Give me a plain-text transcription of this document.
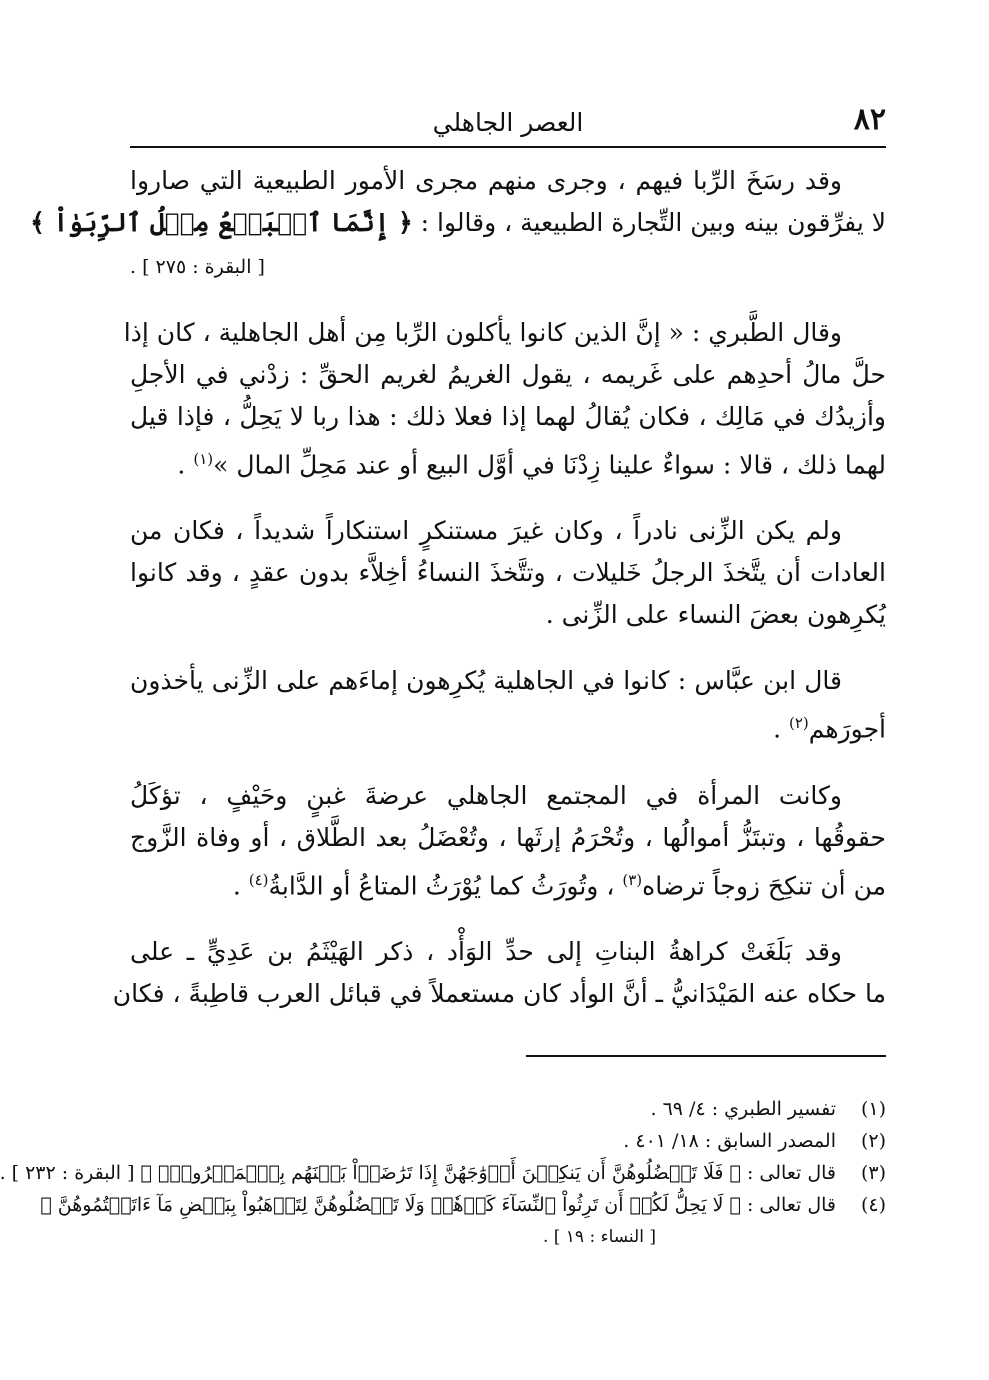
٨٢
العصر الجاهلي
وقد رسَخَ الرِّبا فيهم ، وجرى منهم مجرى الأمور الطبيعية التي صاروا
لا يفرِّقون بينه وبين التِّجارة الطبيعية ، وقالوا : ﴿ إِنَّمَا ٱلۡبَيۡعُ مِثۡلُ ٱلرِّبَوٰاْ ﴾
[ البقرة : ٢٧٥ ] .
وقال الطَّبري : « إنَّ الذين كانوا يأكلون الرِّبا مِن أهل الجاهلية ، كان إذا
حلَّ مالُ أحدِهم على غَريمه ، يقول الغريمُ لغريم الحقِّ : زدْني في الأجلِ
وأزيدُك في مَالِك ، فكان يُقالُ لهما إذا فعلا ذلك : هذا ربا لا يَحِلُّ ، فإذا قيل
لهما ذلك ، قالا : سواءٌ علينا زِدْنَا في أوَّل البيع أو عند مَحِلِّ المال »$^{(١)}$ .
ولم يكن الزِّنى نادراً ، وكان غيرَ مستنكرٍ استنكاراً شديداً ، فكان من
العادات أن يتَّخذَ الرجلُ خَليلات ، وتتَّخذَ النساءُ أخِلاَّء بدون عقدٍ ، وقد كانوا
يُكرِهون بعضَ النساء على الزِّنى .
قال ابن عبَّاس : كانوا في الجاهلية يُكرِهون إماءَهم على الزِّنى يأخذون
أجورَهم$^{(٢)}$ .
وكانت المرأة في المجتمع الجاهلي عرضةَ غبنٍ وحَيْفٍ ، تؤكَلُ
حقوقُها ، وتبتَزُّ أموالُها ، وتُحْرَمُ إرثَها ، وتُعْضَلُ بعد الطَّلاق ، أو وفاة الزَّوج
من أن تنكِحَ زوجاً ترضاه$^{(٣)}$ ، وتُورَثُ كما يُوْرَثُ المتاعُ أو الدَّابةُ$^{(٤)}$ .
وقد بَلَغَتْ كراهةُ البناتِ إلى حدِّ الوَأْد ، ذكر الهَيْثَمُ بن عَدِيٍّ ـ على
ما حكاه عنه المَيْدَانيُّ ـ أنَّ الوأد كان مستعملاً في قبائل العرب قاطِبةً ، فكان
(١)تفسير الطبري : ٤/ ٦٩ .
(٢)المصدر السابق : ١٨/ ٤٠١ .
(٣)قال تعالى : ﴿ فَلَا تَعۡضُلُوهُنَّ أَن يَنكِحۡنَ أَزۡوَٰجَهُنَّ إِذَا تَرَٰضَوۡاْ بَيۡنَهُم بِٱلۡمَعۡرُوفِۗ ﴾ [ البقرة : ٢٣٢ ] .
(٤)قال تعالى : ﴿ لَا يَحِلُّ لَكُمۡ أَن تَرِثُواْ ٱلنِّسَآءَ كَرۡهٗاۖ وَلَا تَعۡضُلُوهُنَّ لِتَذۡهَبُواْ بِبَعۡضِ مَآ ءَاتَيۡتُمُوهُنَّ ﴾
[ النساء : ١٩ ] .
